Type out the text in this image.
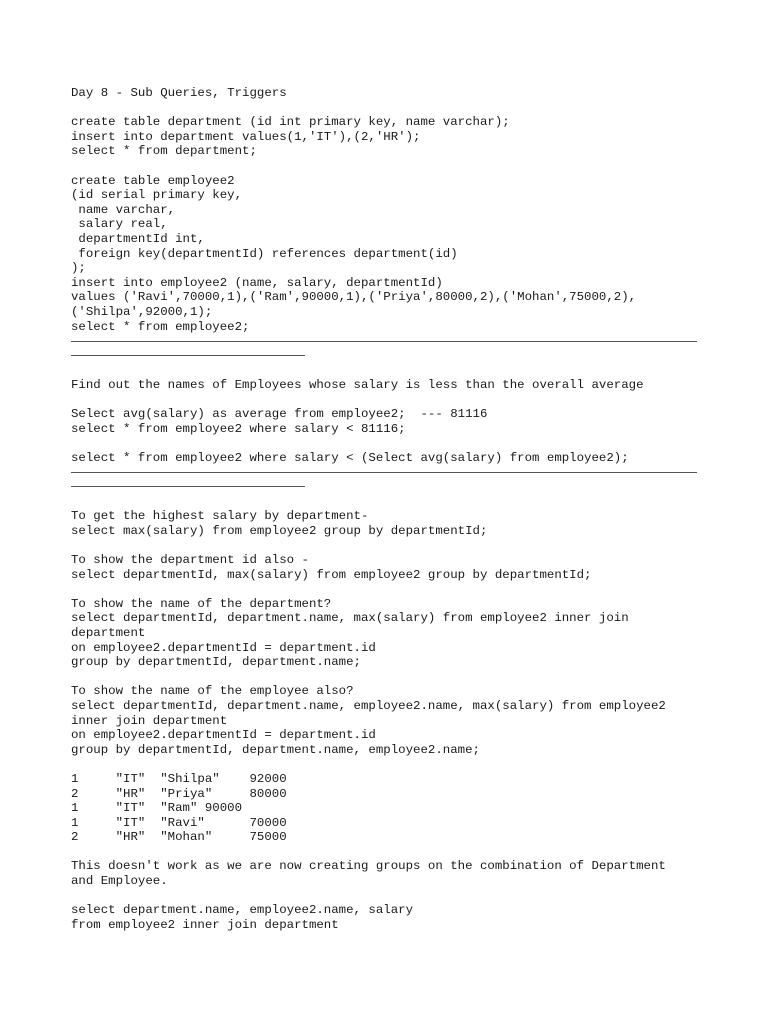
Day 8 - Sub Queries, Triggers
create table department (id int primary key, name varchar);
insert into department values(1,'IT'),(2,'HR');
select * from department;
create table employee2
(id serial primary key,
name varchar,
salary real,
departmentId int,
foreign key(departmentId) references department(id)
);
insert into employee2 (name, salary, departmentId)
values ('Ravi',70000,1),('Ram',90000,1),('Priya',80000,2),('Mohan',75000,2),
('Shilpa',92000,1);
select * from employee2;
Find out the names of Employees whose salary is less than the overall average
Select avg(salary) as average from employee2;  --- 81116
select * from employee2 where salary < 81116;
select * from employee2 where salary < (Select avg(salary) from employee2);
To get the highest salary by department-
select max(salary) from employee2 group by departmentId;
To show the department id also -
select departmentId, max(salary) from employee2 group by departmentId;
To show the name of the department?
select departmentId, department.name, max(salary) from employee2 inner join
department
on employee2.departmentId = department.id
group by departmentId, department.name;
To show the name of the employee also?
select departmentId, department.name, employee2.name, max(salary) from employee2
inner join department
on employee2.departmentId = department.id
group by departmentId, department.name, employee2.name;
1     "IT"  "Shilpa"    92000
2     "HR"  "Priya"     80000
1     "IT"  "Ram" 90000
1     "IT"  "Ravi"      70000
2     "HR"  "Mohan"     75000
This doesn't work as we are now creating groups on the combination of Department
and Employee.
select department.name, employee2.name, salary
from employee2 inner join department
